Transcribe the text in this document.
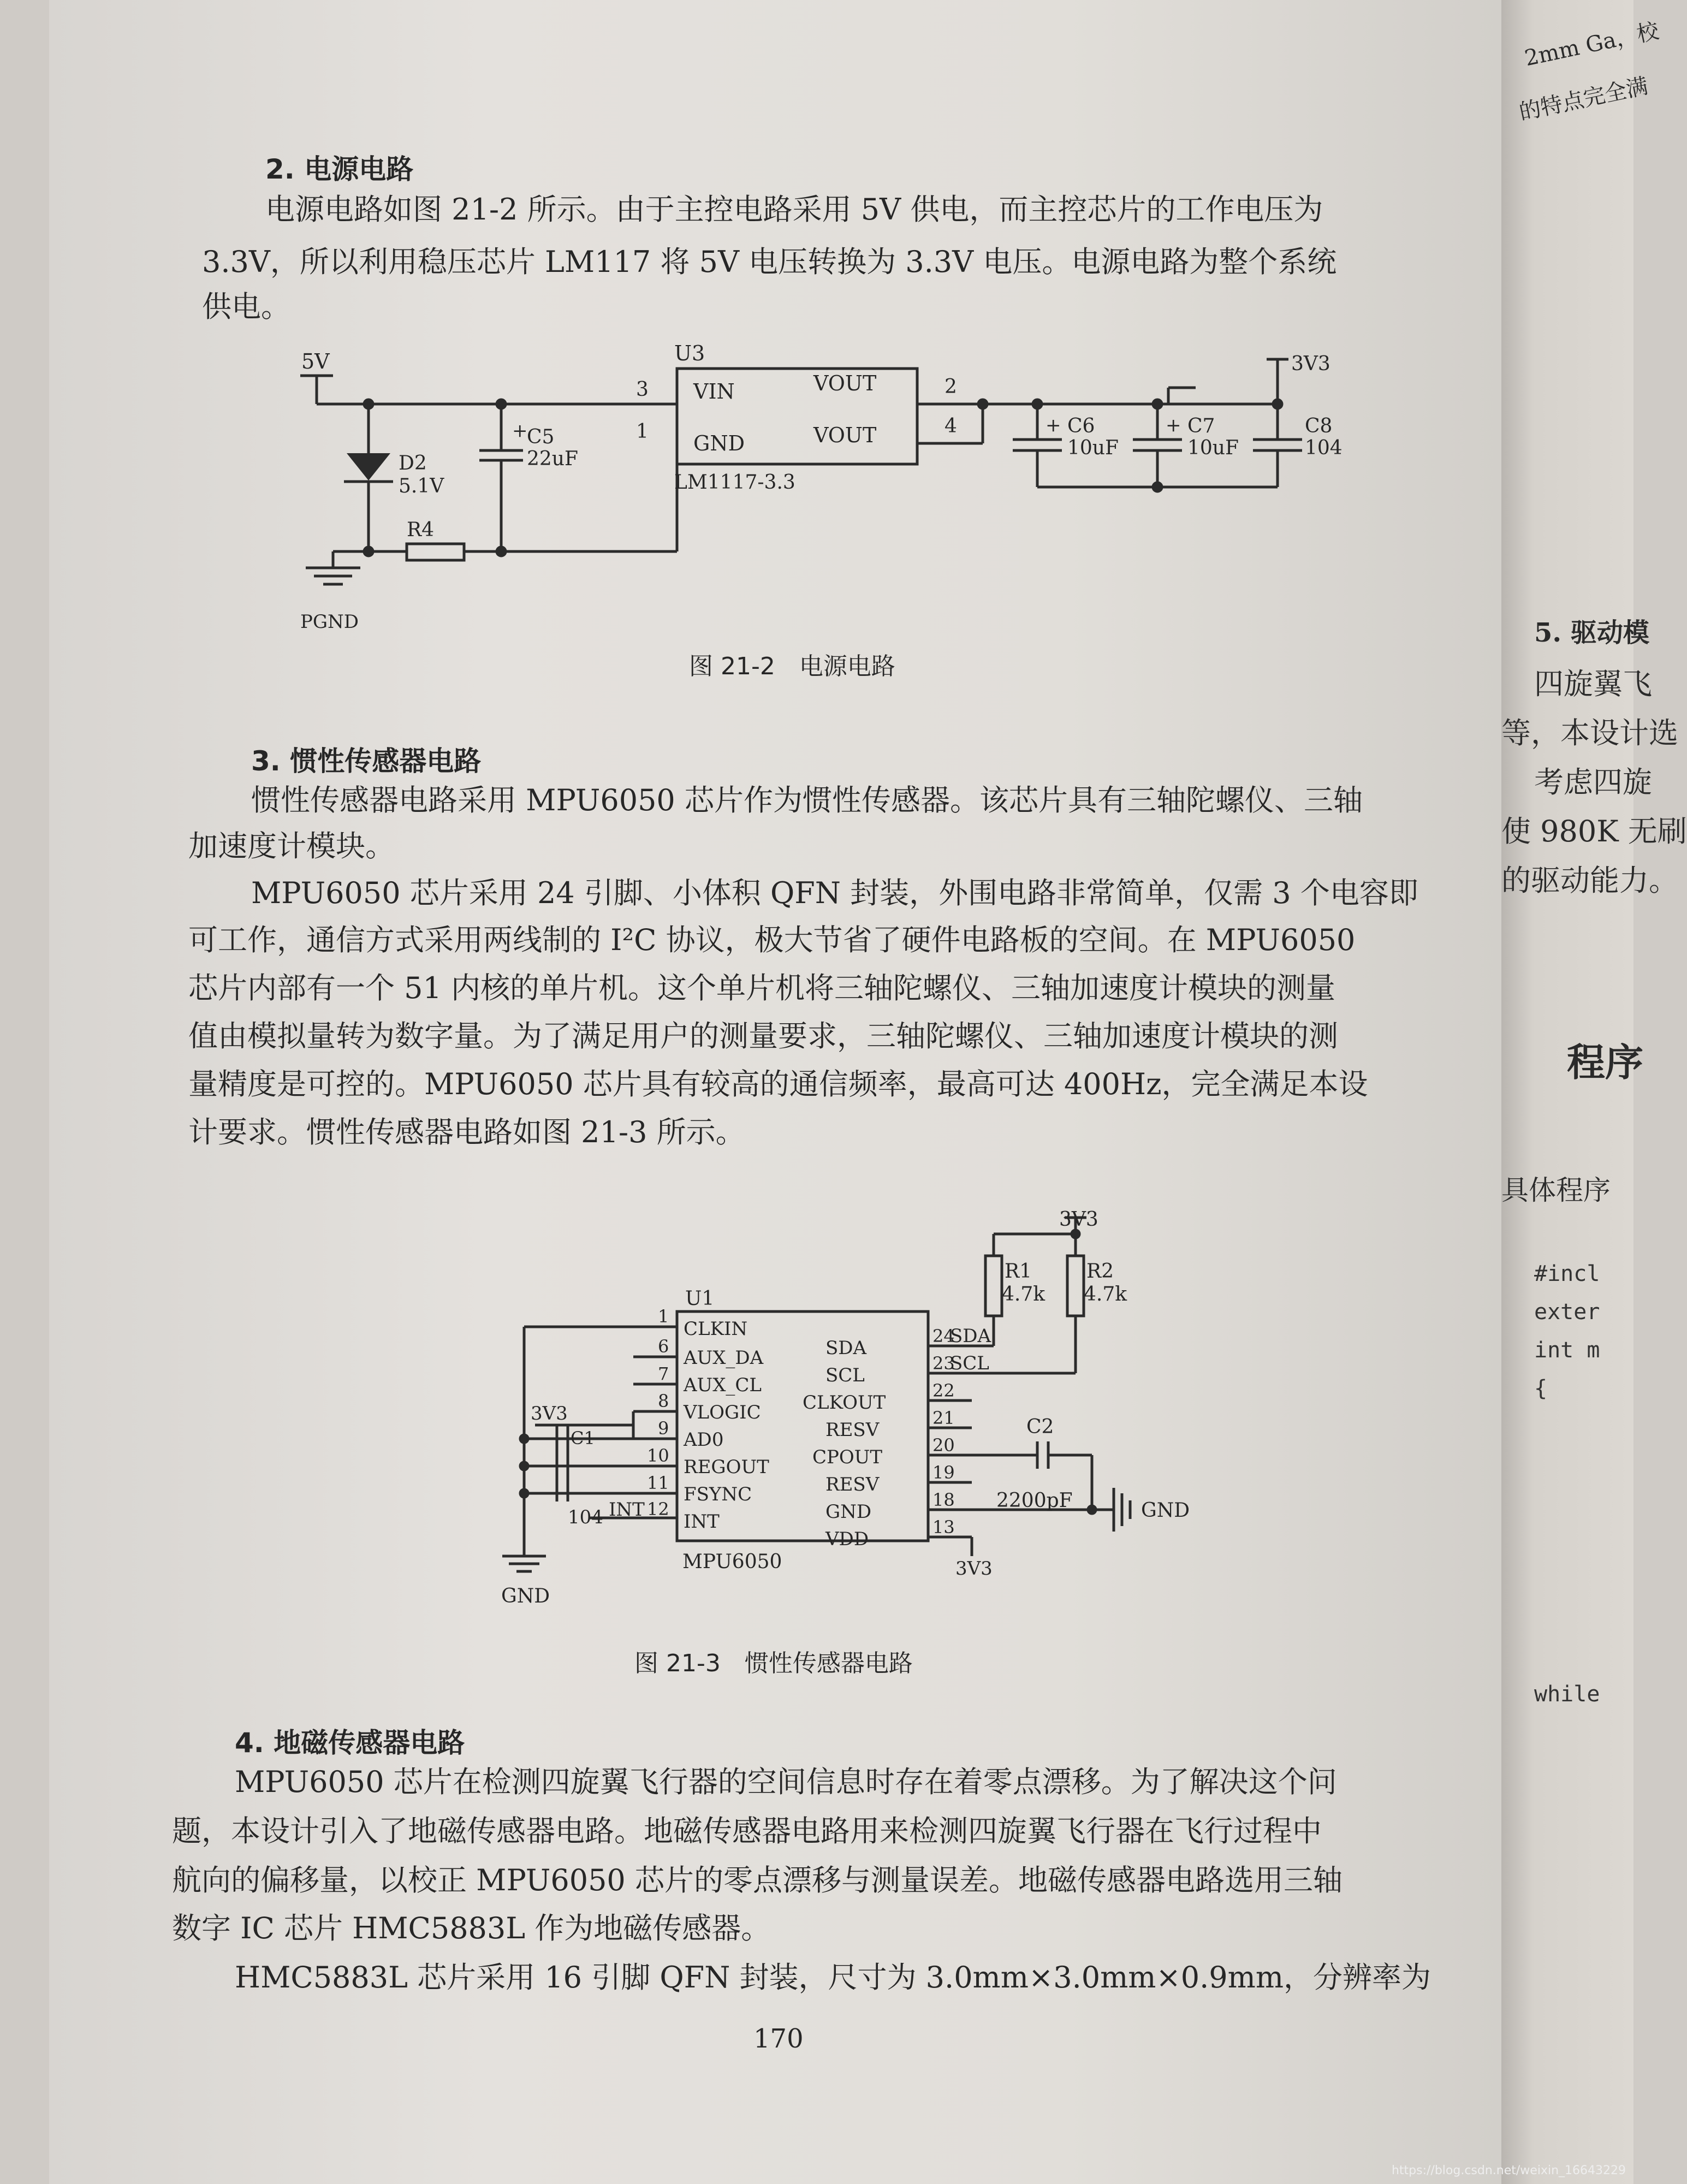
2. 电源电路
电源电路如图 21-2 所示。由于主控电路采用 5V 供电，而主控芯片的工作电压为
3.3V，所以利用稳压芯片 LM117 将 5V 电压转换为 3.3V 电压。电源电路为整个系统
供电。
5V	U3
VIN
GND
VOUT
VOUT
3
1
2
4
LM1117-3.3
D2
5.1V
R4
PGND
+
C5
22uF
+ C6
10uF
+ C7
10uF
C8
104
3V3
图 21-2　电源电路
3. 惯性传感器电路
惯性传感器电路采用 MPU6050 芯片作为惯性传感器。该芯片具有三轴陀螺仪、三轴
加速度计模块。
MPU6050 芯片采用 24 引脚、小体积 QFN 封装，外围电路非常简单，仅需 3 个电容即
可工作，通信方式采用两线制的 I²C 协议，极大节省了硬件电路板的空间。在 MPU6050
芯片内部有一个 51 内核的单片机。这个单片机将三轴陀螺仪、三轴加速度计模块的测量
值由模拟量转为数字量。为了满足用户的测量要求，三轴陀螺仪、三轴加速度计模块的测
量精度是可控的。MPU6050 芯片具有较高的通信频率，最高可达 400Hz，完全满足本设
计要求。惯性传感器电路如图 21-3 所示。
U1
MPU6050
3V3
R1
4.7k
R2
4.7k
SDA
SCL
C2
2200pF	GND
GND
3V3
C1
104 INT
3V3
1
CLKIN
6
AUX_DA
7
AUX_CL
8
VLOGIC
9
AD0
10
REGOUT
11
FSYNC
12
INT
24
SDA
23
SCL
22
CLKOUT
21
RESV
20
CPOUT
19
RESV
18
GND
13
VDD
图 21-3　惯性传感器电路
4. 地磁传感器电路
MPU6050 芯片在检测四旋翼飞行器的空间信息时存在着零点漂移。为了解决这个问
题，本设计引入了地磁传感器电路。地磁传感器电路用来检测四旋翼飞行器在飞行过程中
航向的偏移量，以校正 MPU6050 芯片的零点漂移与测量误差。地磁传感器电路选用三轴
数字 IC 芯片 HMC5883L 作为地磁传感器。
HMC5883L 芯片采用 16 引脚 QFN 封装，尺寸为 3.0mm×3.0mm×0.9mm，分辨率为
170
2mm Ga，校
的特点完全满
5. 驱动模
四旋翼飞
等，本设计选
考虑四旋
使 980K 无刷
的驱动能力。
程序
具体程序
#incl
exter
int m
{
while
https://blog.csdn.net/weixin_16643229
